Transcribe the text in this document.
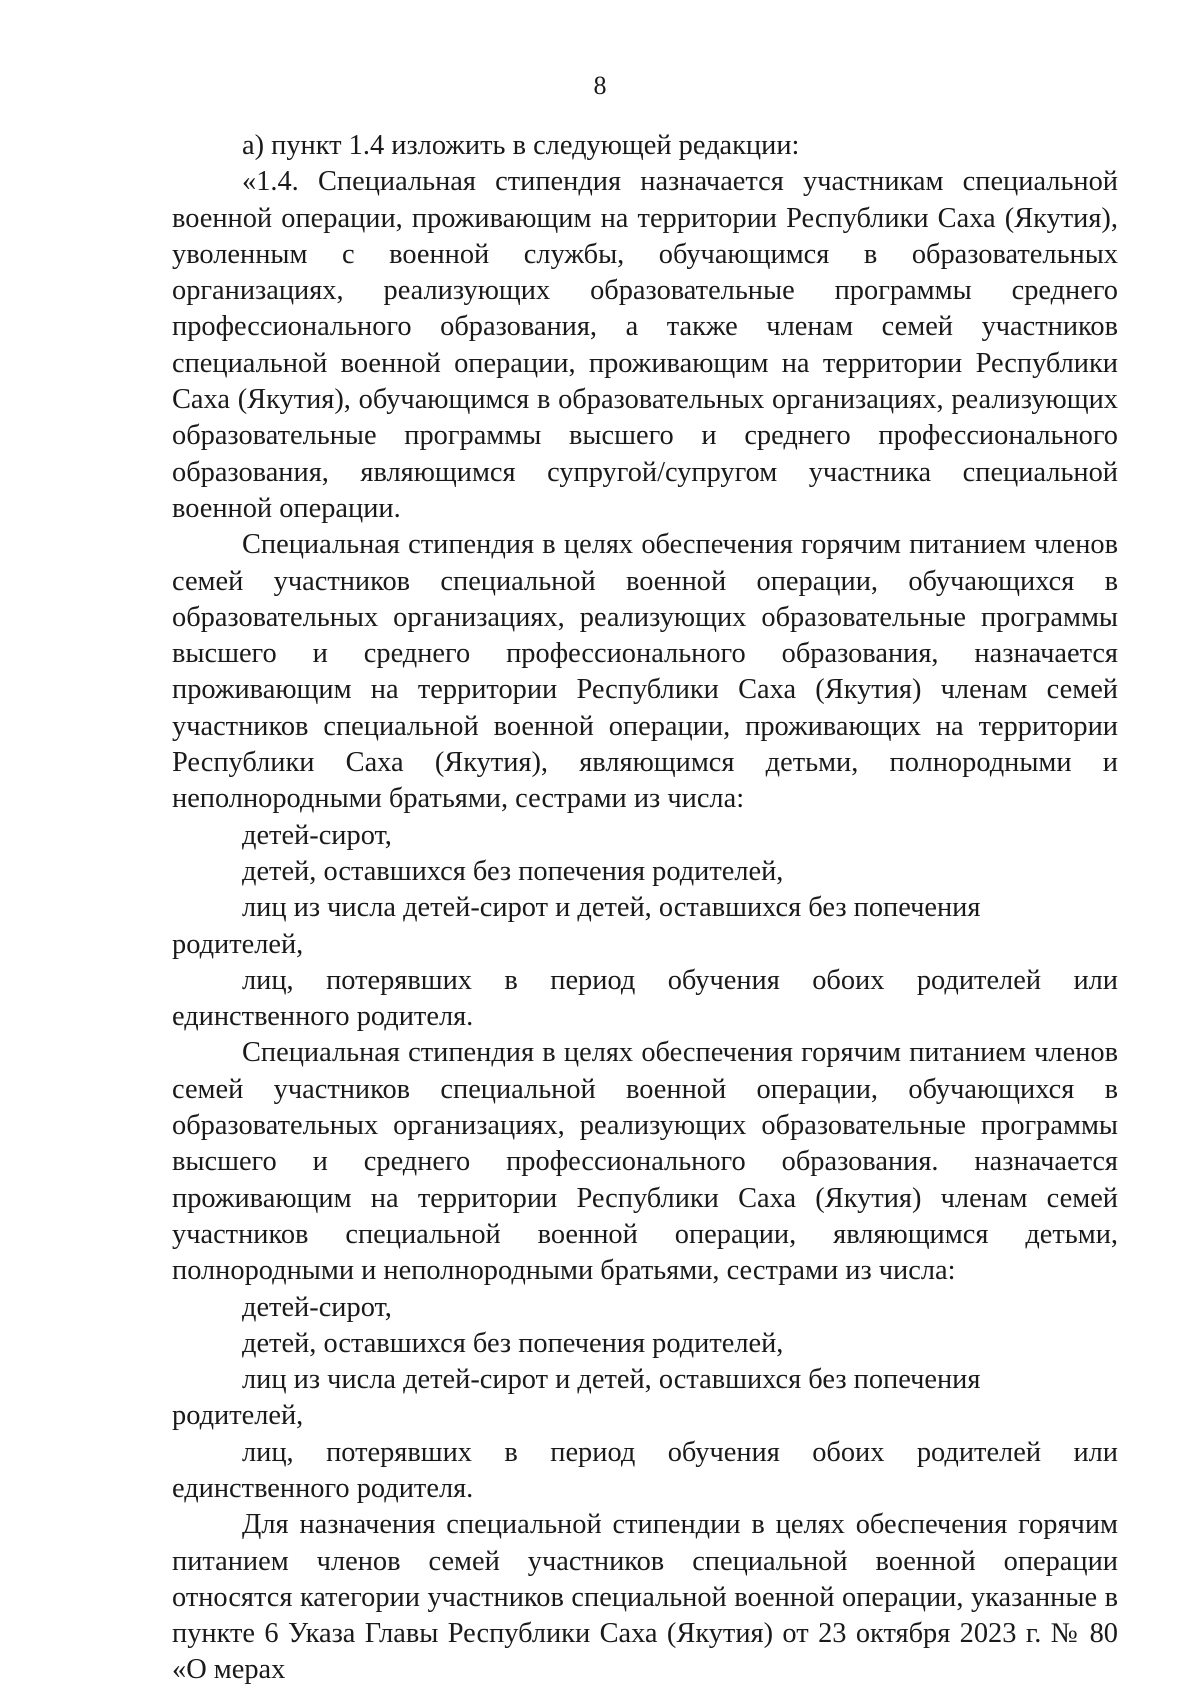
8

а) пункт 1.4 изложить в следующей редакции:

«1.4. Специальная стипендия назначается участникам специальной военной операции, проживающим на территории Республики Саха (Якутия), уволенным с военной службы, обучающимся в образовательных организациях, реализующих образовательные программы среднего профессионального образования, а также членам семей участников специальной военной операции, проживающим на территории Республики Саха (Якутия), обучающимся в образовательных организациях, реализующих образовательные программы высшего и среднего профессионального образования, являющимся супругой/супругом участника специальной военной операции.

Специальная стипендия в целях обеспечения горячим питанием членов семей участников специальной военной операции, обучающихся в образовательных организациях, реализующих образовательные программы высшего и среднего профессионального образования, назначается проживающим на территории Республики Саха (Якутия) членам семей участников специальной военной операции, проживающих на территории Республики Саха (Якутия), являющимся детьми, полнородными и неполнородными братьями, сестрами из числа:

детей-сирот,

детей, оставшихся без попечения родителей,

лиц из числа детей-сирот и детей, оставшихся без попечения родителей,

лиц, потерявших в период обучения обоих родителей или единственного родителя.

Специальная стипендия в целях обеспечения горячим питанием членов семей участников специальной военной операции, обучающихся в образовательных организациях, реализующих образовательные программы высшего и среднего профессионального образования. назначается проживающим на территории Республики Саха (Якутия) членам семей участников специальной военной операции, являющимся детьми, полнородными и неполнородными братьями, сестрами из числа:

детей-сирот,

детей, оставшихся без попечения родителей,

лиц из числа детей-сирот и детей, оставшихся без попечения родителей,

лиц, потерявших в период обучения обоих родителей или единственного родителя.

Для назначения специальной стипендии в целях обеспечения горячим питанием членов семей участников специальной военной операции относятся категории участников специальной военной операции, указанные в пункте 6 Указа Главы Республики Саха (Якутия) от 23 октября 2023 г. № 80 «О мерах
